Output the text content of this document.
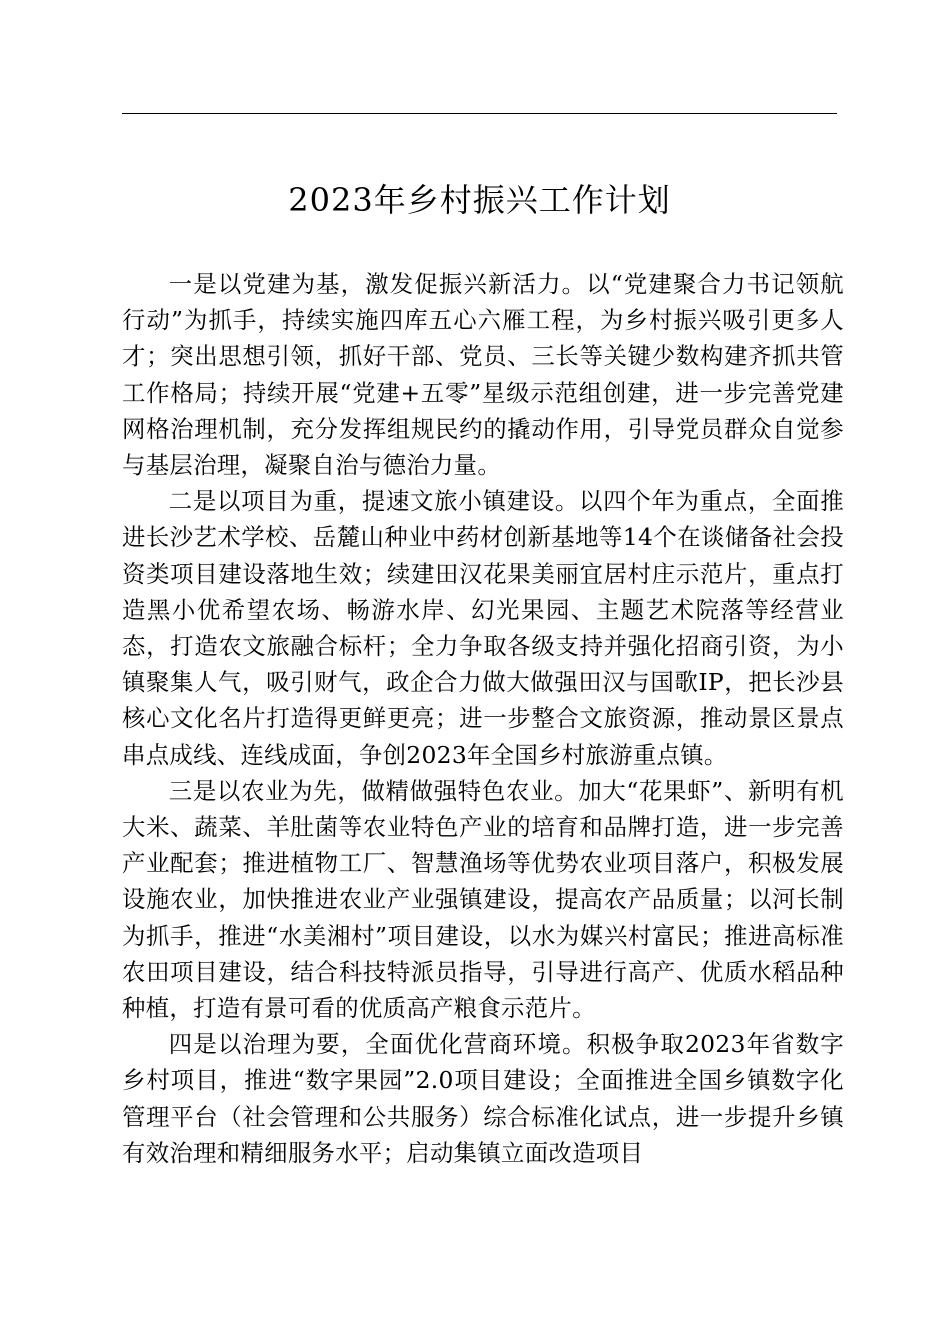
2023年乡村振兴工作计划

一是以党建为基，激发促振兴新活力。以“党建聚合力书记领航行动”为抓手，持续实施四库五心六雁工程，为乡村振兴吸引更多人才；突出思想引领，抓好干部、党员、三长等关键少数构建齐抓共管工作格局；持续开展“党建+五零”星级示范组创建，进一步完善党建网格治理机制，充分发挥组规民约的撬动作用，引导党员群众自觉参与基层治理，凝聚自治与德治力量。

二是以项目为重，提速文旅小镇建设。以四个年为重点，全面推进长沙艺术学校、岳麓山种业中药材创新基地等14个在谈储备社会投资类项目建设落地生效；续建田汉花果美丽宜居村庄示范片，重点打造黑小优希望农场、畅游水岸、幻光果园、主题艺术院落等经营业态，打造农文旅融合标杆；全力争取各级支持并强化招商引资，为小镇聚集人气，吸引财气，政企合力做大做强田汉与国歌IP，把长沙县核心文化名片打造得更鲜更亮；进一步整合文旅资源，推动景区景点串点成线、连线成面，争创2023年全国乡村旅游重点镇。

三是以农业为先，做精做强特色农业。加大“花果虾”、新明有机大米、蔬菜、羊肚菌等农业特色产业的培育和品牌打造，进一步完善产业配套；推进植物工厂、智慧渔场等优势农业项目落户，积极发展设施农业，加快推进农业产业强镇建设，提高农产品质量；以河长制为抓手，推进“水美湘村”项目建设，以水为媒兴村富民；推进高标准农田项目建设，结合科技特派员指导，引导进行高产、优质水稻品种种植，打造有景可看的优质高产粮食示范片。

四是以治理为要，全面优化营商环境。积极争取2023年省数字乡村项目，推进“数字果园”2.0项目建设；全面推进全国乡镇数字化管理平台（社会管理和公共服务）综合标准化试点，进一步提升乡镇有效治理和精细服务水平；启动集镇立面改造项目
